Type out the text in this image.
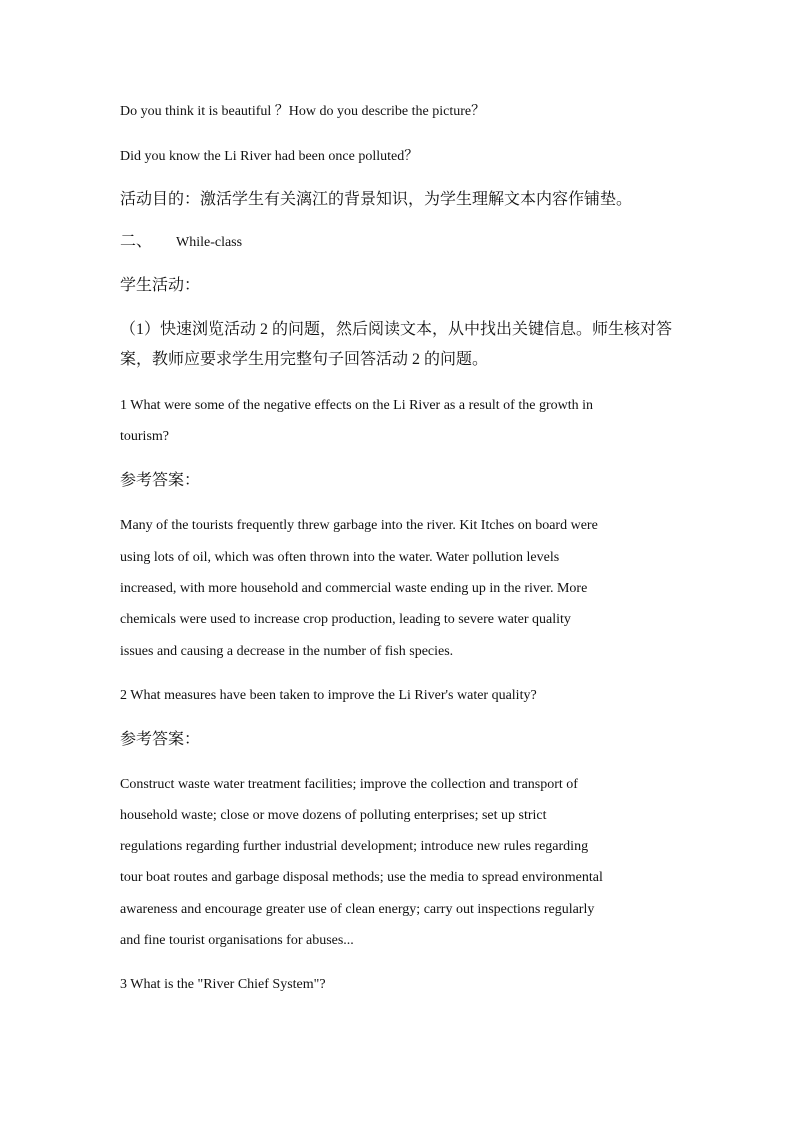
Do you think it is beautiful ？How do you describe the picture？
Did you know the Li River had been once polluted？
活动目的：激活学生有关漓江的背景知识，为学生理解文本内容作铺垫。
二、 While-class
学生活动：
（1）快速浏览活动 2 的问题，然后阅读文本，从中找出关键信息。师生核对答
案，教师应要求学生用完整句子回答活动 2 的问题。
1 What were some of the negative effects on the Li River as a result of the growth in
tourism?
参考答案：
Many of the tourists frequently threw garbage into the river. Kit Itches on board were
using lots of oil, which was often thrown into the water. Water pollution levels
increased, with more household and commercial waste ending up in the river. More
chemicals were used to increase crop production, leading to severe water quality
issues and causing a decrease in the number of fish species.
2 What measures have been taken to improve the Li River's water quality?
参考答案：
Construct waste water treatment facilities; improve the collection and transport of
household waste; close or move dozens of polluting enterprises; set up strict
regulations regarding further industrial development; introduce new rules regarding
tour boat routes and garbage disposal methods; use the media to spread environmental
awareness and encourage greater use of clean energy; carry out inspections regularly
and fine tourist organisations for abuses...
3 What is the "River Chief System"?
